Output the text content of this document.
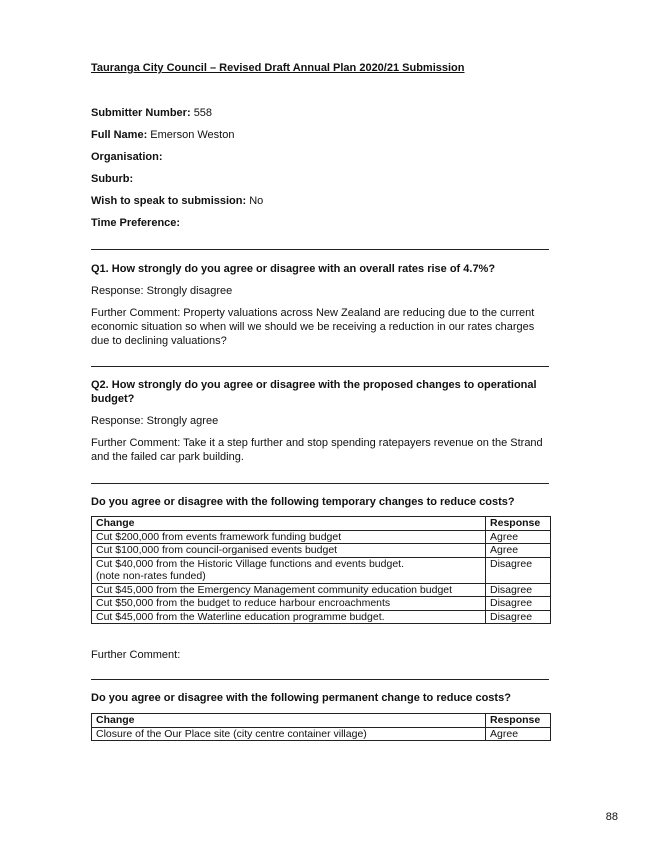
Tauranga City Council – Revised Draft Annual Plan 2020/21 Submission
Submitter Number: 558
Full Name: Emerson Weston
Organisation:
Suburb:
Wish to speak to submission: No
Time Preference:
Q1. How strongly do you agree or disagree with an overall rates rise of 4.7%?
Response: Strongly disagree
Further Comment: Property valuations across New Zealand are reducing due to the current economic situation so when will we should we be receiving a reduction in our rates charges due to declining valuations?
Q2. How strongly do you agree or disagree with the proposed changes to operational budget?
Response: Strongly agree
Further Comment: Take it a step further and stop spending ratepayers revenue on the Strand and the failed car park building.
Do you agree or disagree with the following temporary changes to reduce costs?
Change	Response
Cut $200,000 from events framework funding budget	Agree
Cut $100,000 from council-organised events budget	Agree

Cut $40,000 from the Historic Village functions and events budget.
(note non-rates funded)	Disagree
Cut $45,000 from the Emergency Management community education budget	Disagree
Cut $50,000 from the budget to reduce harbour encroachments	Disagree
Cut $45,000 from the Waterline education programme budget.	Disagree
Further Comment:
Do you agree or disagree with the following permanent change to reduce costs?
Change	Response
Closure of the Our Place site (city centre container village)	Agree
88
